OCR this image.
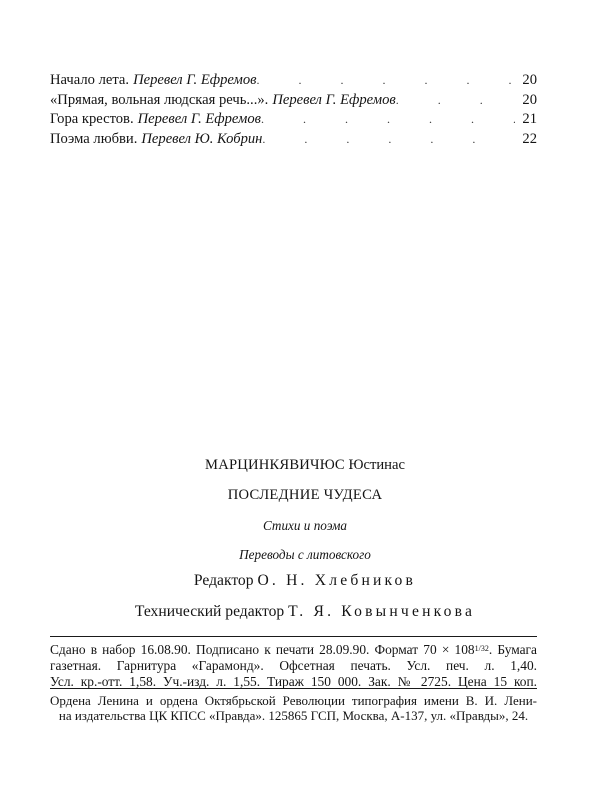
Начало лета. Перевел Г. Ефремов .	20
«Прямая, вольная людская речь...». Перевел Г. Ефремов .	20
Гора крестов. Перевел Г. Ефремов .	21
Поэма любви. Перевел Ю. Кобрин .	22
МАРЦИНКЯВИЧЮС Юстинас
ПОСЛЕДНИЕ ЧУДЕСА
Стихи и поэма
Переводы с литовского
Редактор О. Н. Хлебников
Технический редактор Т. Я. Ковынченкова
Сдано в набор 16.08.90. Подписано к печати 28.09.90. Формат $70 \times 108^{1/32}$. Бумага
газетная. Гарнитура «Гарамонд». Офсетная печать. Усл. печ. л. 1,40.
Усл. кр.-отт. 1,58. Уч.-изд. л. 1,55. Тираж 150 000. Зак. № 2725. Цена 15 коп.
Ордена Ленина и ордена Октябрьской Революции типография имени В. И. Лени-
на издательства ЦК КПСС «Правда». 125865 ГСП, Москва, А-137, ул. «Правды», 24.
